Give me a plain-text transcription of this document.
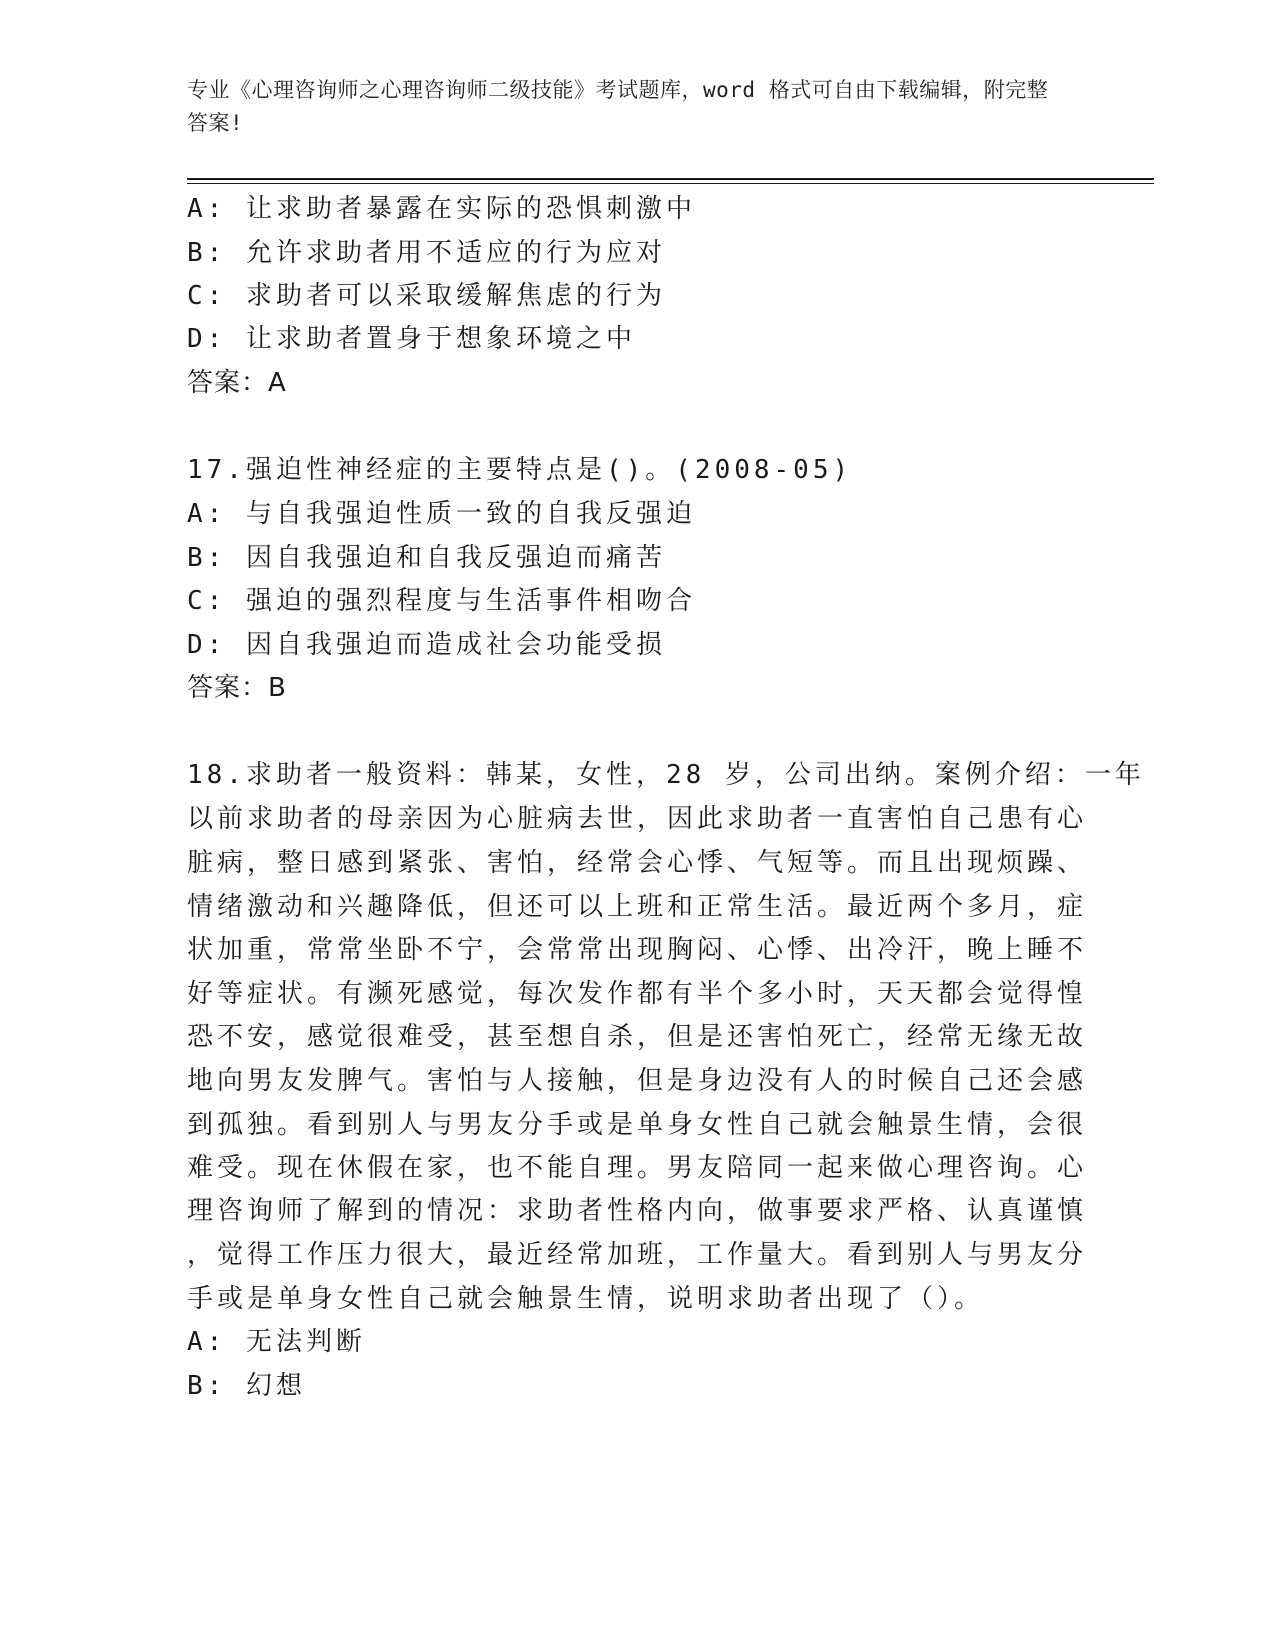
专业《心理咨询师之心理咨询师二级技能》考试题库，word 格式可自由下载编辑，附完整答案!
A: 让求助者暴露在实际的恐惧刺激中
B: 允许求助者用不适应的行为应对
C: 求助者可以采取缓解焦虑的行为
D: 让求助者置身于想象环境之中
答案：A
17.强迫性神经症的主要特点是()。(2008-05)
A: 与自我强迫性质一致的自我反强迫
B: 因自我强迫和自我反强迫而痛苦
C: 强迫的强烈程度与生活事件相吻合
D: 因自我强迫而造成社会功能受损
答案：B
18.求助者一般资料：韩某，女性，28 岁，公司出纳。案例介绍：一年
以前求助者的母亲因为心脏病去世，因此求助者一直害怕自己患有心
脏病，整日感到紧张、害怕，经常会心悸、气短等。而且出现烦躁、
情绪激动和兴趣降低，但还可以上班和正常生活。最近两个多月，症
状加重，常常坐卧不宁，会常常出现胸闷、心悸、出冷汗，晚上睡不
好等症状。有濒死感觉，每次发作都有半个多小时，天天都会觉得惶
恐不安，感觉很难受，甚至想自杀，但是还害怕死亡，经常无缘无故
地向男友发脾气。害怕与人接触，但是身边没有人的时候自己还会感
到孤独。看到别人与男友分手或是单身女性自己就会触景生情，会很
难受。现在休假在家，也不能自理。男友陪同一起来做心理咨询。心
理咨询师了解到的情况：求助者性格内向，做事要求严格、认真谨慎
，觉得工作压力很大，最近经常加班，工作量大。看到别人与男友分
手或是单身女性自己就会触景生情，说明求助者出现了（）。
A: 无法判断
B: 幻想
